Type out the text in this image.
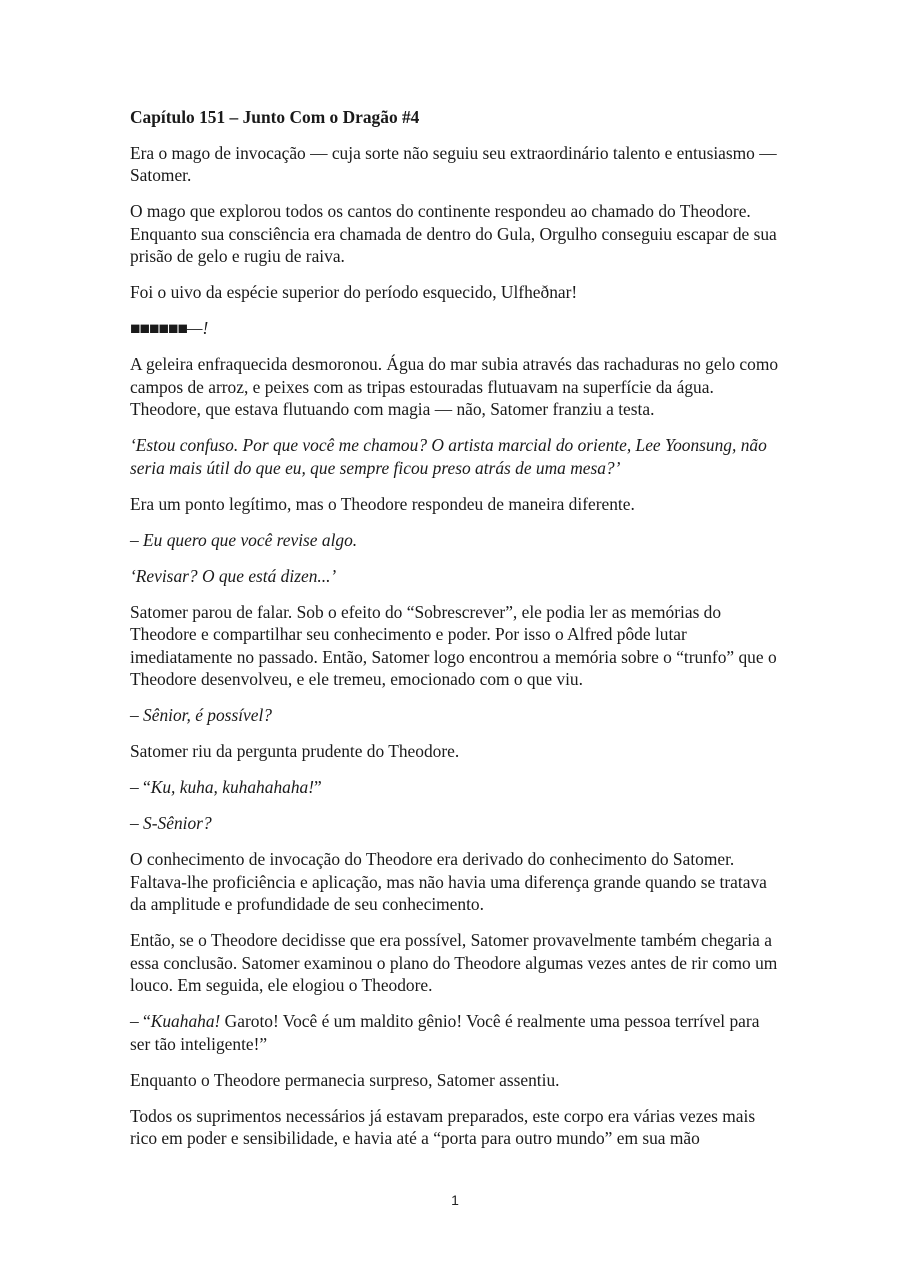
Capítulo 151 – Junto Com o Dragão #4

Era o mago de invocação — cuja sorte não seguiu seu extraordinário talento e entusiasmo — Satomer.

O mago que explorou todos os cantos do continente respondeu ao chamado do Theodore. Enquanto sua consciência era chamada de dentro do Gula, Orgulho conseguiu escapar de sua prisão de gelo e rugiu de raiva.

Foi o uivo da espécie superior do período esquecido, Ulfheðnar!

■■■■■■—!

A geleira enfraquecida desmoronou. Água do mar subia através das rachaduras no gelo como campos de arroz, e peixes com as tripas estouradas flutuavam na superfície da água. Theodore, que estava flutuando com magia — não, Satomer franziu a testa.

‘Estou confuso. Por que você me chamou? O artista marcial do oriente, Lee Yoonsung, não seria mais útil do que eu, que sempre ficou preso atrás de uma mesa?’

Era um ponto legítimo, mas o Theodore respondeu de maneira diferente.

– Eu quero que você revise algo.

‘Revisar? O que está dizen...’

Satomer parou de falar. Sob o efeito do “Sobrescrever”, ele podia ler as memórias do Theodore e compartilhar seu conhecimento e poder. Por isso o Alfred pôde lutar imediatamente no passado. Então, Satomer logo encontrou a memória sobre o “trunfo” que o Theodore desenvolveu, e ele tremeu, emocionado com o que viu.

– Sênior, é possível?

Satomer riu da pergunta prudente do Theodore.

– “Ku, kuha, kuhahahaha!”

– S-Sênior?

O conhecimento de invocação do Theodore era derivado do conhecimento do Satomer. Faltava-lhe proficiência e aplicação, mas não havia uma diferença grande quando se tratava da amplitude e profundidade de seu conhecimento.

Então, se o Theodore decidisse que era possível, Satomer provavelmente também chegaria a essa conclusão. Satomer examinou o plano do Theodore algumas vezes antes de rir como um louco. Em seguida, ele elogiou o Theodore.

– “Kuahaha! Garoto! Você é um maldito gênio! Você é realmente uma pessoa terrível para ser tão inteligente!”

Enquanto o Theodore permanecia surpreso, Satomer assentiu.

Todos os suprimentos necessários já estavam preparados, este corpo era várias vezes mais rico em poder e sensibilidade, e havia até a “porta para outro mundo” em sua mão

1
